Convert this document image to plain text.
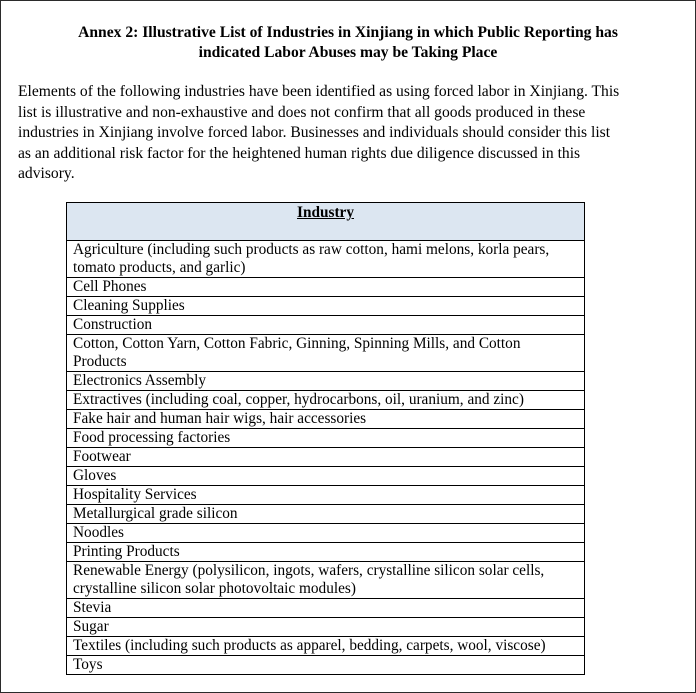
Annex 2: Illustrative List of Industries in Xinjiang in which Public Reporting has
indicated Labor Abuses may be Taking Place

Elements of the following industries have been identified as using forced labor in Xinjiang. This
list is illustrative and non-exhaustive and does not confirm that all goods produced in these
industries in Xinjiang involve forced labor. Businesses and individuals should consider this list
as an additional risk factor for the heightened human rights due diligence discussed in this
advisory.

Industry

Agriculture (including such products as raw cotton, hami melons, korla pears,
tomato products, and garlic)

Cell Phones

Cleaning Supplies

Construction

Cotton, Cotton Yarn, Cotton Fabric, Ginning, Spinning Mills, and Cotton
Products

Electronics Assembly

Extractives (including coal, copper, hydrocarbons, oil, uranium, and zinc)

Fake hair and human hair wigs, hair accessories

Food processing factories

Footwear

Gloves

Hospitality Services

Metallurgical grade silicon

Noodles

Printing Products

Renewable Energy (polysilicon, ingots, wafers, crystalline silicon solar cells,
crystalline silicon solar photovoltaic modules)

Stevia

Sugar

Textiles (including such products as apparel, bedding, carpets, wool, viscose)

Toys
